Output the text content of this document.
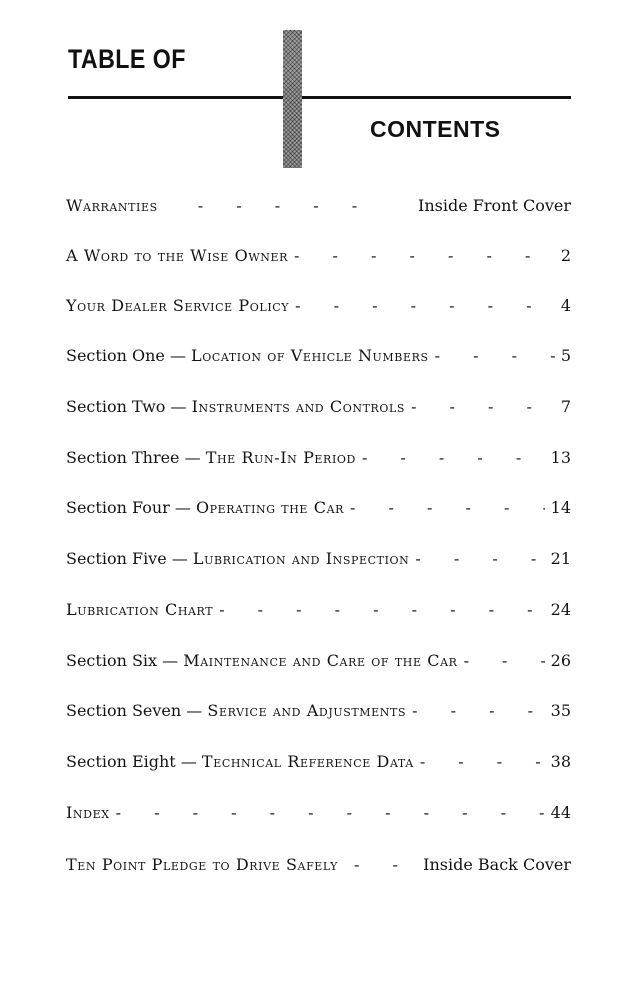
TABLE OF
CONTENTS
Warranties - - -	Inside Front Cover
A Word to the Wise Owner - - -	2
Your Dealer Service Policy - - -	4
Section One — Location of Vehicle Numbers - - -	5
Section Two — Instruments and Controls - - -	7
Section Three — The Run-In Period - - -	13
Section Four — Operating the Car - - -	14
Section Five — Lubrication and Inspection - - -	21
Lubrication Chart - - -	24
Section Six — Maintenance and Care of the Car - - -	26
Section Seven — Service and Adjustments - - -	35
Section Eight — Technical Reference Data - - -	38
Index - - -	44
Ten Point Pledge to Drive Safely - - -	Inside Back Cover
